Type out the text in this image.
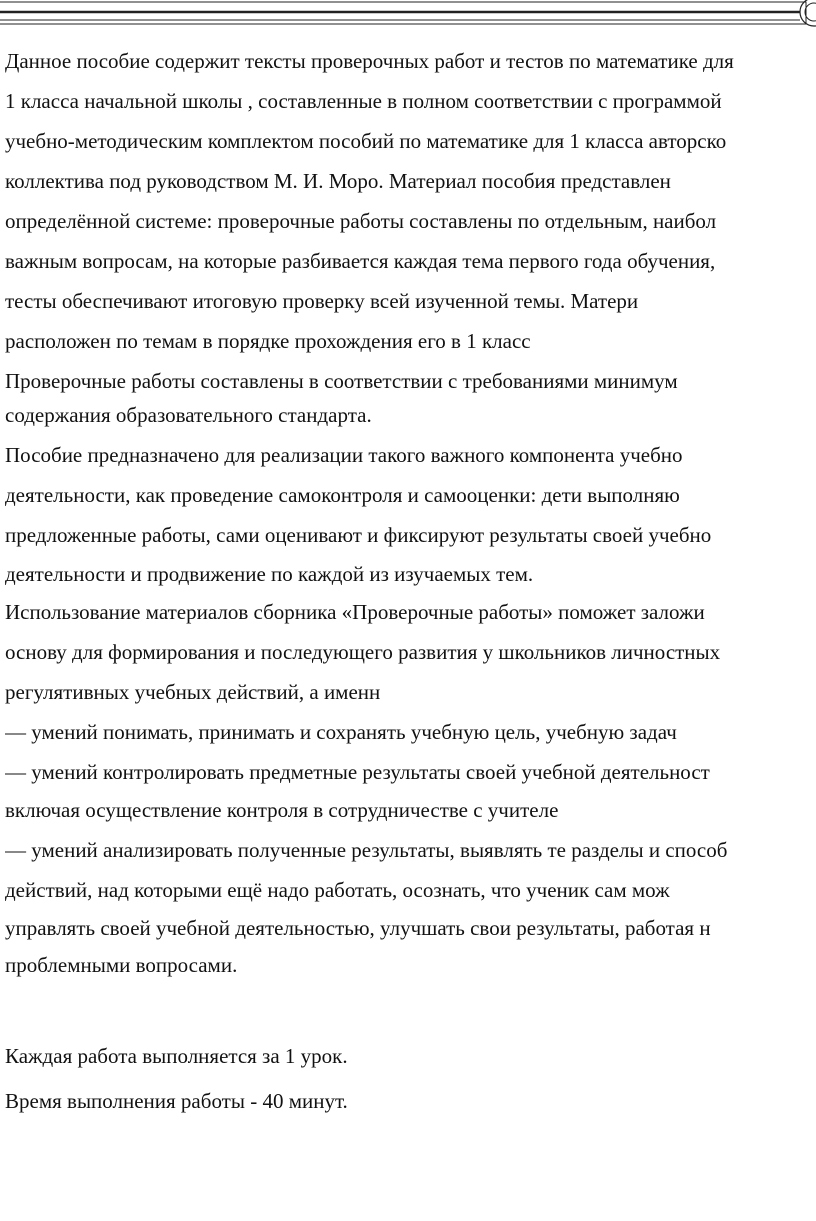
Данное пособие содержит тексты проверочных работ и тестов по математике для
1 класса начальной школы , составленные в полном соответствии с программой
учебно-методическим комплектом пособий по математике для 1 класса авторско
коллектива под руководством М. И. Моро. Материал пособия представлен
определённой системе: проверочные работы составлены по отдельным, наибол
важным вопросам, на которые разбивается каждая тема первого года обучения,
тесты обеспечивают итоговую проверку всей изученной темы. Матери
расположен по темам в порядке прохождения его в 1 класс
Проверочные работы составлены в соответствии с требованиями минимум
содержания образовательного стандарта.
Пособие предназначено для реализации такого важного компонента учебно
деятельности, как проведение самоконтроля и самооценки: дети выполняю
предложенные работы, сами оценивают и фиксируют результаты своей учебно
деятельности и продвижение по каждой из изучаемых тем.
Использование материалов сборника «Проверочные работы» поможет заложи
основу для формирования и последующего развития у школьников личностных
регулятивных учебных действий, а именн
— умений понимать, принимать и сохранять учебную цель, учебную задач
— умений контролировать предметные результаты своей учебной деятельност
включая осуществление контроля в сотрудничестве с учителе
— умений анализировать полученные результаты, выявлять те разделы и способ
действий, над которыми ещё надо работать, осознать, что ученик сам мож
управлять своей учебной деятельностью, улучшать свои результаты, работая н
проблемными вопросами.
Каждая работа выполняется за 1 урок.
Время выполнения работы - 40 минут.
